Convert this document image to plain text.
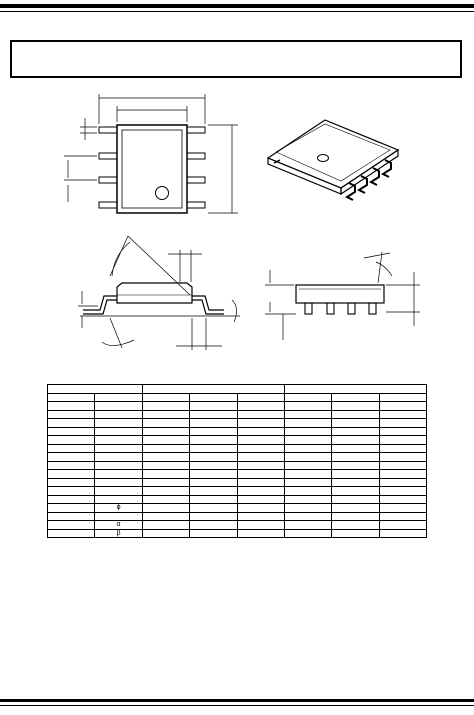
	ϕ						

	α						
	β						
